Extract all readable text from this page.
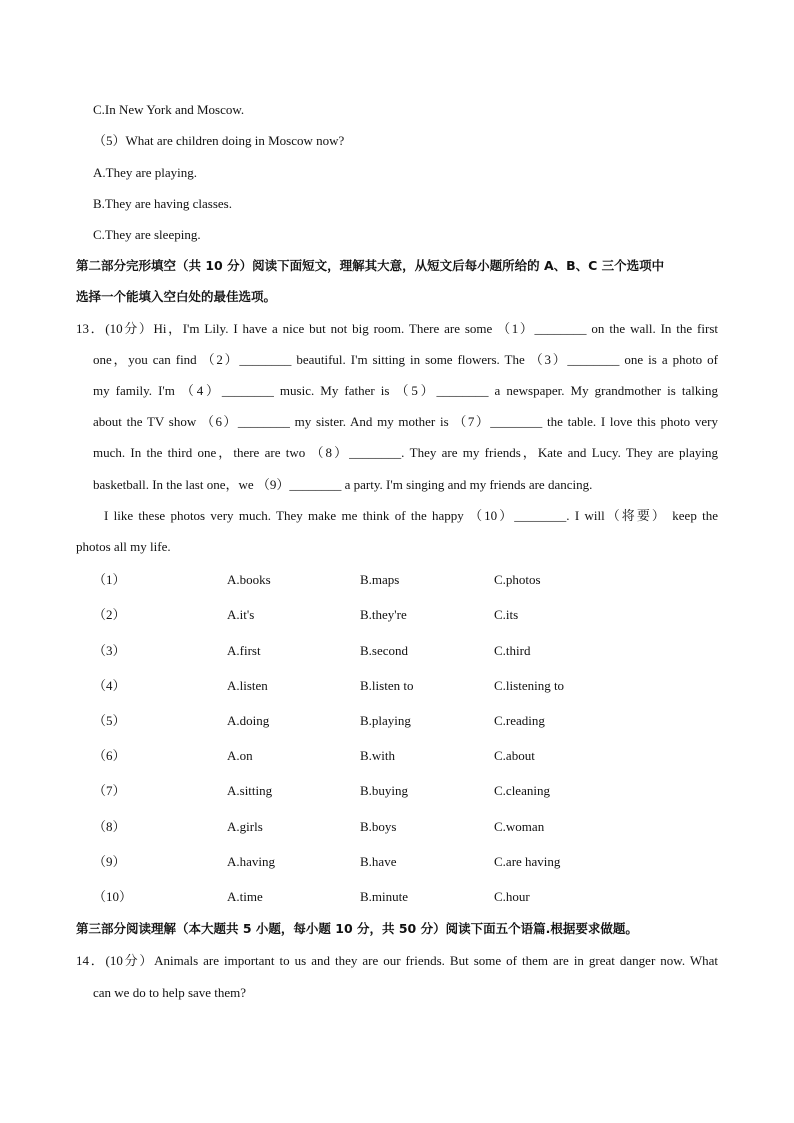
C.In New York and Moscow.
（5）What are children doing in Moscow now?
A.They are playing.
B.They are having classes.
C.They are sleeping.
第二部分完形填空（共 10 分）阅读下面短文，理解其大意，从短文后每小题所给的 A、B、C 三个选项中
选择一个能填入空白处的最佳选项。
13．(10分）Hi，I'm Lily. I have a nice but not big room. There are some （1）________ on the wall. In the first
one，you can find （2）________ beautiful. I'm sitting in some flowers. The （3）________ one is a photo of
my family. I'm （4）________ music. My father is （5）________ a newspaper. My grandmother is talking
about the TV show （6）________ my sister. And my mother is （7）________ the table. I love this photo very
much. In the third one，there are two （8）________. They are my friends，Kate and Lucy. They are playing
basketball. In the last one，we （9）________ a party. I'm singing and my friends are dancing.
I like these photos very much. They make me think of the happy （10）________. I will（将要） keep the
photos all my life.
（1）	A.books	B.maps	C.photos
（2）	A.it's	B.they're	C.its
（3）	A.first	B.second	C.third
（4）	A.listen	B.listen to	C.listening to
（5）	A.doing	B.playing	C.reading
（6）	A.on	B.with	C.about
（7）	A.sitting	B.buying	C.cleaning
（8）	A.girls	B.boys	C.woman
（9）	A.having	B.have	C.are having
（10）	A.time	B.minute	C.hour
第三部分阅读理解（本大题共 5 小题，每小题 10 分，共 50 分）阅读下面五个语篇.根据要求做题。
14．(10分）Animals are important to us and they are our friends. But some of them are in great danger now. What
can we do to help save them?
